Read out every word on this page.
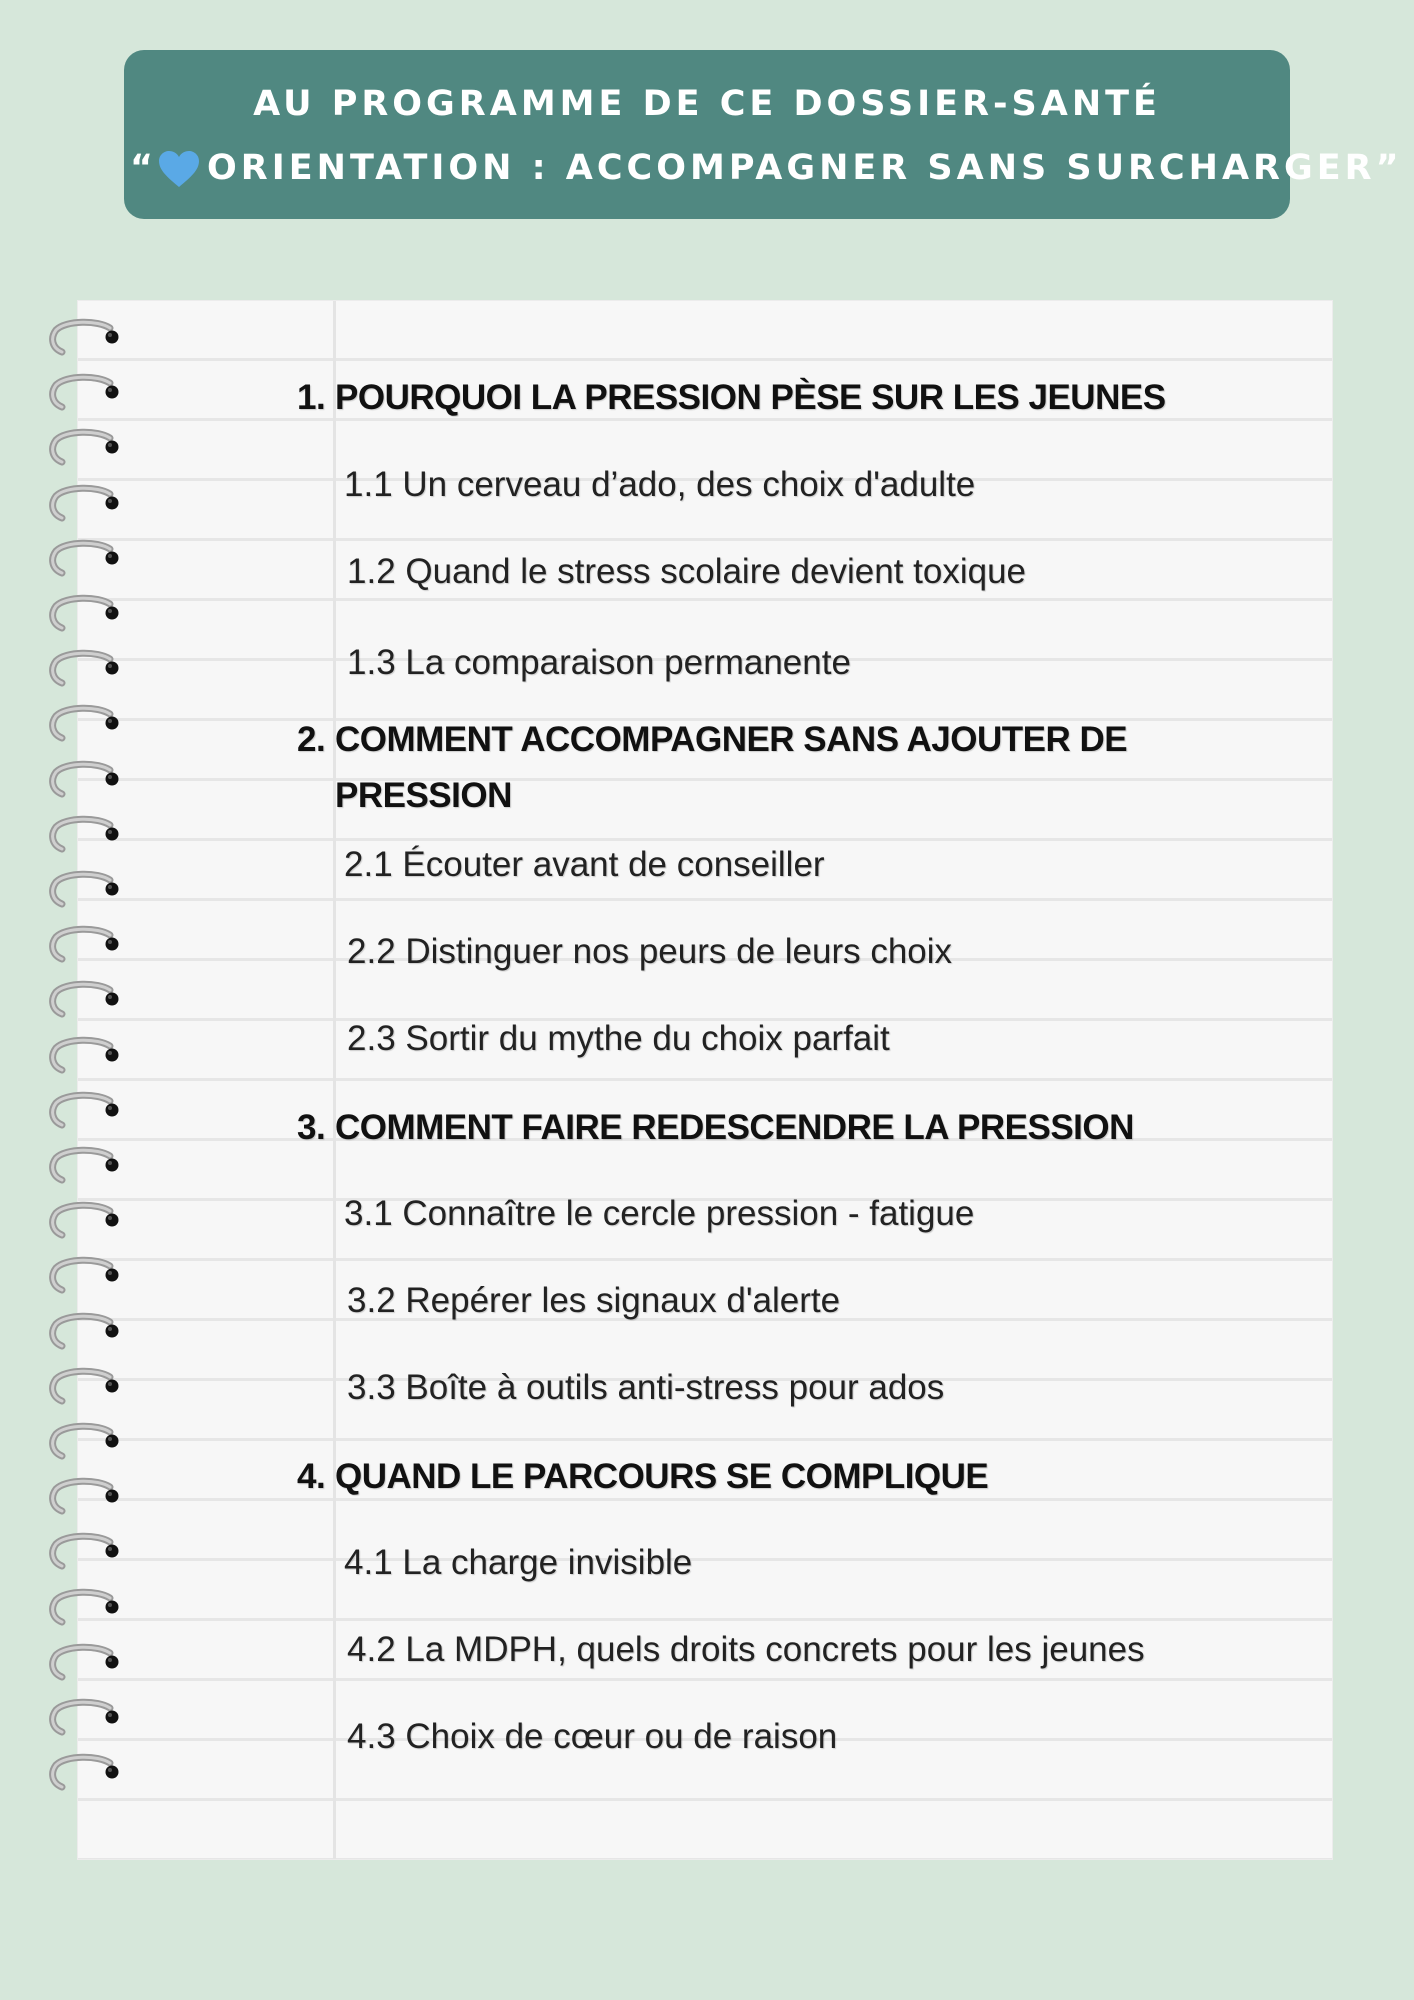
AU PROGRAMME DE CE DOSSIER-SANTÉ
“ ORIENTATION : ACCOMPAGNER SANS SURCHARGER”
1. POURQUOI LA PRESSION PÈSE SUR LES JEUNES
1.1 Un cerveau d’ado, des choix d'adulte
1.2 Quand le stress scolaire devient toxique
1.3 La comparaison permanente
2. COMMENT ACCOMPAGNER SANS AJOUTER DE PRESSION
2.1 Écouter avant de conseiller
2.2 Distinguer nos peurs de leurs choix
2.3 Sortir du mythe du choix parfait
3. COMMENT FAIRE REDESCENDRE LA PRESSION
3.1 Connaître le cercle pression - fatigue
3.2 Repérer les signaux d'alerte
3.3 Boîte à outils anti-stress pour ados
4. QUAND LE PARCOURS SE COMPLIQUE
4.1 La charge invisible
4.2 La MDPH, quels droits concrets pour les jeunes
4.3 Choix de cœur ou de raison
